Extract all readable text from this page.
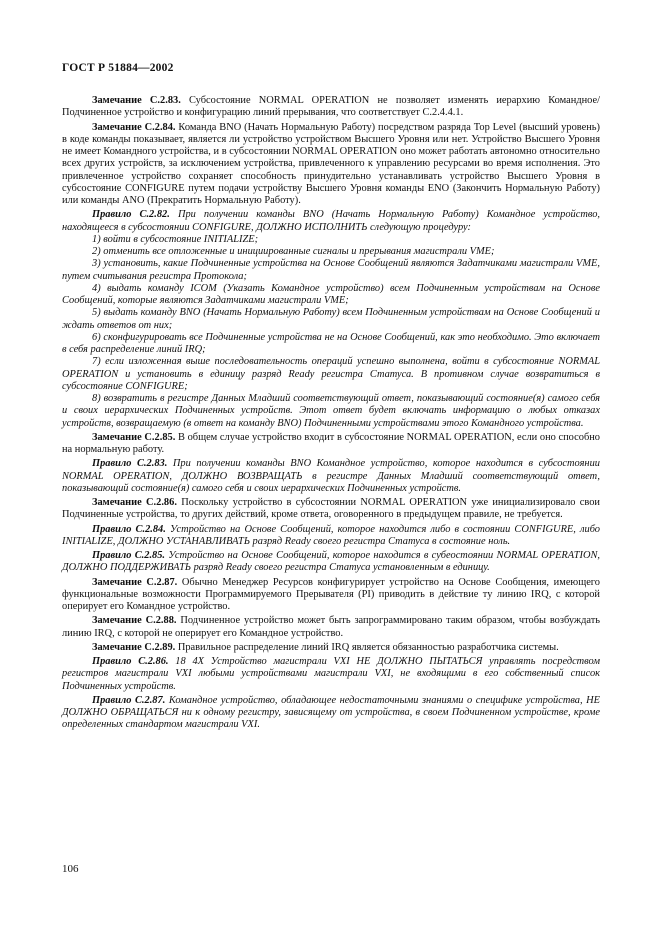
ГОСТ Р 51884—2002

Замечание С.2.83. Субсостояние NORMAL OPERATION не позволяет изменять иерархию Командное/Подчиненное устройство и конфигурацию линий прерывания, что соответствует С.2.4.4.1.

Замечание С.2.84. Команда BNO (Начать Нормальную Работу) посредством разряда Top Level (высший уровень) в коде команды показывает, является ли устройство устройством Высшего Уровня или нет. Устройство Высшего Уровня не имеет Командного устройства, и в субсостоянии NORMAL OPERATION оно может работать автономно относительно всех других устройств, за исключением устройства, привлеченного к управлению ресурсами во время исполнения. Это привлеченное устройство сохраняет способность принудительно устанавливать устройство Высшего Уровня в субсостояние CONFIGURE путем подачи устройству Высшего Уровня команды ENO (Закончить Нормальную Работу) или команды ANO (Прекратить Нормальную Работу).

Правило С.2.82. При получении команды BNO (Начать Нормальную Работу) Командное устройство, находящееся в субсостоянии CONFIGURE, ДОЛЖНО ИСПОЛНИТЬ следующую процедуру:

1) войти в субсостояние INITIALIZE;

2) отменить все отложенные и инициированные сигналы и прерывания магистрали VME;

3) установить, какие Подчиненные устройства на Основе Сообщений являются Задатчиками магистрали VME, путем считывания регистра Протокола;

4) выдать команду ICOM (Указать Командное устройство) всем Подчиненным устройствам на Основе Сообщений, которые являются Задатчиками магистрали VME;

5) выдать команду BNO (Начать Нормальную Работу) всем Подчиненным устройствам на Основе Сообщений и ждать ответов от них;

6) сконфигурировать все Подчиненные устройства не на Основе Сообщений, как это необходимо. Это включает в себя распределение линий IRQ;

7) если изложенная выше последовательность операций успешно выполнена, войти в субсостояние NORMAL OPERATION и установить в единицу разряд Ready регистра Статуса. В противном случае возвратиться в субсостояние CONFIGURE;

8) возвратить в регистре Данных Младший соответствующий ответ, показывающий состояние(я) самого себя и своих иерархических Подчиненных устройств. Этот ответ будет включать информацию о любых отказах устройств, возвращаемую (в ответ на команду BNO) Подчиненными устройствами этого Командного устройства.

Замечание С.2.85. В общем случае устройство входит в субсостояние NORMAL OPERATION, если оно способно на нормальную работу.

Правило С.2.83. При получении команды BNO Командное устройство, которое находится в субсостоянии NORMAL OPERATION, ДОЛЖНО ВОЗВРАЩАТЬ в регистре Данных Младший соответствующий ответ, показывающий состояние(я) самого себя и своих иерархических Подчиненных устройств.

Замечание С.2.86. Поскольку устройство в субсостоянии NORMAL OPERATION уже инициализировало свои Подчиненные устройства, то других действий, кроме ответа, оговоренного в предыдущем правиле, не требуется.

Правило С.2.84. Устройство на Основе Сообщений, которое находится либо в состоянии CONFIGURE, либо INITIALIZE, ДОЛЖНО УСТАНАВЛИВАТЬ разряд Ready своего регистра Статуса в состояние ноль.

Правило С.2.85. Устройство на Основе Сообщений, которое находится в субеостоянии NORMAL OPERATION, ДОЛЖНО ПОДДЕРЖИВАТЬ разряд Ready своего регистра Статуса установленным в единицу.

Замечание С.2.87. Обычно Менеджер Ресурсов конфигурирует устройство на Основе Сообщения, имеющего функциональные возможности Программируемого Прерывателя (PI) приводить в действие ту линию IRQ, с которой оперирует его Командное устройство.

Замечание С.2.88. Подчиненное устройство может быть запрограммировано таким образом, чтобы возбуждать линию IRQ, с которой не оперирует его Командное устройство.

Замечание С.2.89. Правильное распределение линий IRQ является обязанностью разработчика системы.

Правило С.2.86. 18 4X Устройство магистрали VXI НЕ ДОЛЖНО ПЫТАТЬСЯ управлять посредством регистров магистрали VXI любыми устройствами магистрали VXI, не входящими в его собственный список Подчиненных устройств.

Правило С.2.87. Командное устройство, обладающее недостаточными знаниями о специфике устройства, НЕ ДОЛЖНО ОБРАЩАТЬСЯ ни к одному регистру, зависящему от устройства, в своем Подчиненном устройстве, кроме определенных стандартом магистрали VXI.

106
